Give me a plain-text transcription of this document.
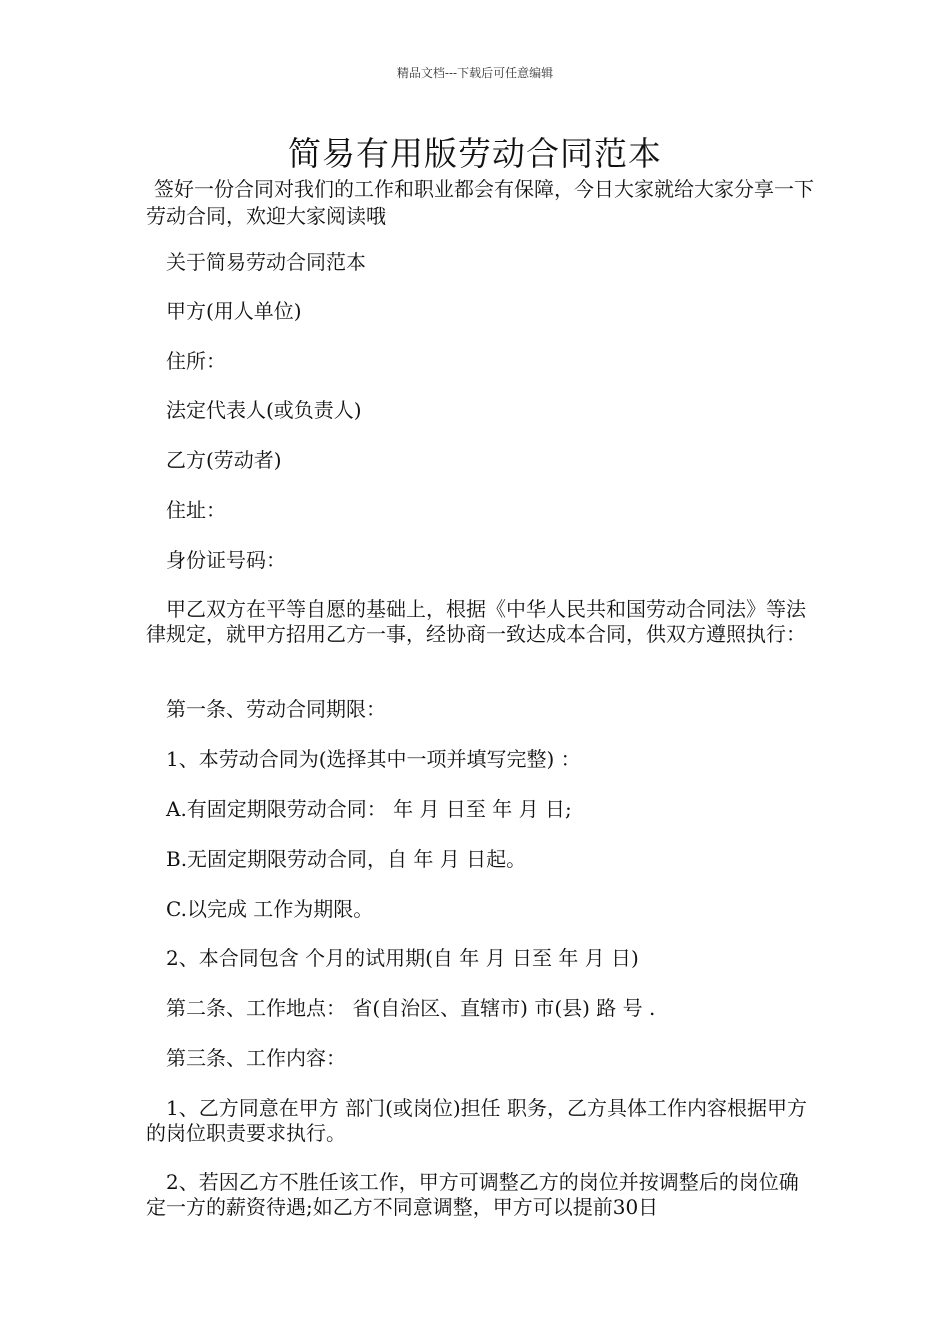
精品文档---下载后可任意编辑
简易有用版劳动合同范本

签好一份合同对我们的工作和职业都会有保障，今日大家就给大家分享一下劳动合同，欢迎大家阅读哦

关于简易劳动合同范本

甲方(用人单位)

住所：

法定代表人(或负责人)

乙方(劳动者)

住址：

身份证号码：

甲乙双方在平等自愿的基础上，根据《中华人民共和国劳动合同法》等法律规定，就甲方招用乙方一事，经协商一致达成本合同，供双方遵照执行：

第一条、劳动合同期限：

1、本劳动合同为(选择其中一项并填写完整) ：

A.有固定期限劳动合同： 年 月 日至 年 月 日;

B.无固定期限劳动合同，自 年 月 日起。

C.以完成 工作为期限。

2、本合同包含 个月的试用期(自 年 月 日至 年 月 日)

第二条、工作地点： 省(自治区、直辖市) 市(县) 路 号 .

第三条、工作内容：

1、乙方同意在甲方 部门(或岗位)担任 职务，乙方具体工作内容根据甲方的岗位职责要求执行。

2、若因乙方不胜任该工作，甲方可调整乙方的岗位并按调整后的岗位确定一方的薪资待遇;如乙方不同意调整，甲方可以提前30日
